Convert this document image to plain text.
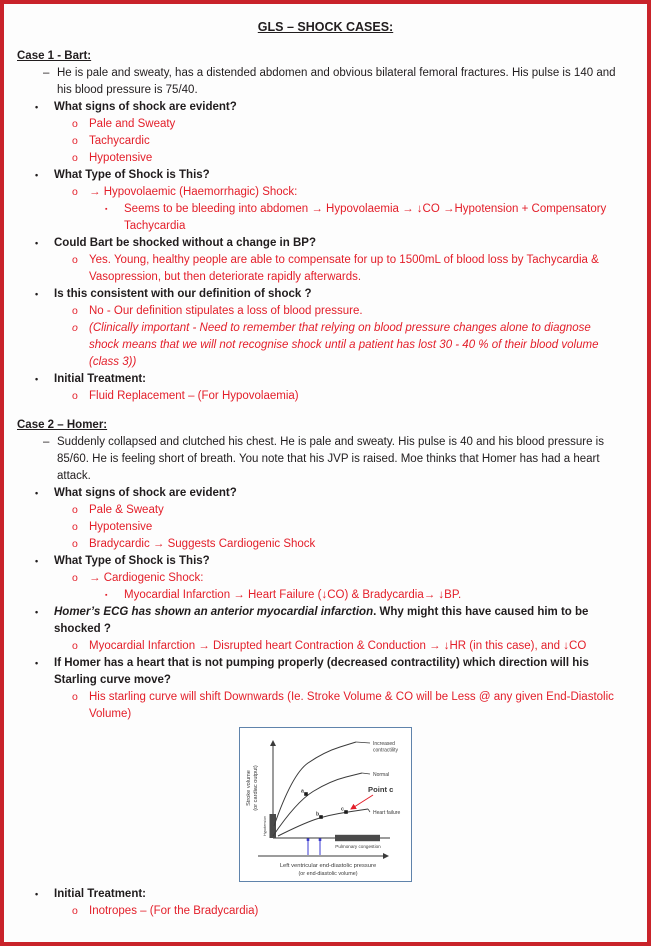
GLS – SHOCK CASES:
Case 1 - Bart:
– He is pale and sweaty, has a distended abdomen and obvious bilateral femoral fractures. His pulse is 140 and his blood pressure is 75/40.
•	What signs of shock are evident?
o Pale and Sweaty
o Tachycardic
o Hypotensive
•	What Type of Shock is This?
o → Hypovolaemic (Haemorrhagic) Shock:
▪	Seems to be bleeding into abdomen → Hypovolaemia → ↓CO →Hypotension + Compensatory Tachycardia
•	Could Bart be shocked without a change in BP?
o Yes. Young, healthy people are able to compensate for up to 1500mL of blood loss by Tachycardia & Vasopression, but then deteriorate rapidly afterwards.
•	Is this consistent with our definition of shock ?
o No - Our definition stipulates a loss of blood pressure.
o (Clinically important - Need to remember that relying on blood pressure changes alone to diagnose shock means that we will not recognise shock until a patient has lost 30 - 40 % of their blood volume (class 3))
•	Initial Treatment:
o Fluid Replacement – (For Hypovolaemia)
Case 2 – Homer:
– Suddenly collapsed and clutched his chest. He is pale and sweaty. His pulse is 40 and his blood pressure is 85/60. He is feeling short of breath. You note that his JVP is raised. Moe thinks that Homer has had a heart attack.
•	What signs of shock are evident?
o Pale & Sweaty
o Hypotensive
o Bradycardic → Suggests Cardiogenic Shock
•	What Type of Shock is This?
o → Cardiogenic Shock:
▪	Myocardial Infarction → Heart Failure (↓CO) & Bradycardia→ ↓BP.
•	Homer’s ECG has shown an anterior myocardial infarction. Why might this have caused him to be shocked ?
o Myocardial Infarction → Disrupted heart Contraction & Conduction → ↓HR (in this case), and ↓CO
•	If Homer has a heart that is not pumping properly (decreased contractility) which direction will his Starling curve move?
o His starling curve will shift Downwards (Ie. Stroke Volume & CO will be Less @ any given End-Diastolic Volume)
Stroke volume (or cardiac output)
Left ventricular end-diastolic pressure
(or end-diastolic volume)
Hypotension
Pulmonary congestion
Increased
contractility
Normal
Heart failure
a
b
c
Point c
•	Initial Treatment:
o Inotropes – (For the Bradycardia)
